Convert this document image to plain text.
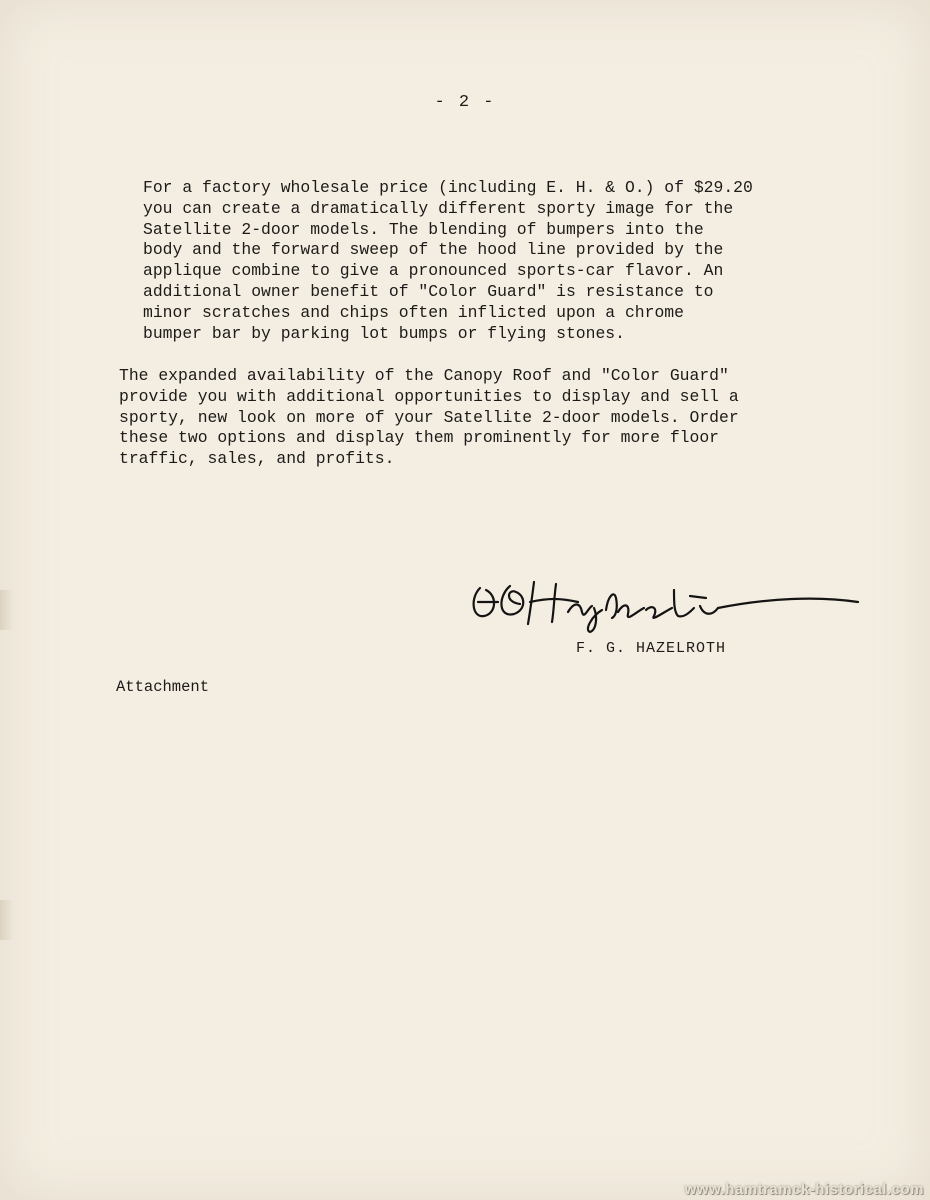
- 2 -

For a factory wholesale price (including E. H. & O.) of $29.20
you can create a dramatically different sporty image for the
Satellite 2-door models. The blending of bumpers into the
body and the forward sweep of the hood line provided by the
applique combine to give a pronounced sports-car flavor. An
additional owner benefit of "Color Guard" is resistance to
minor scratches and chips often inflicted upon a chrome
bumper bar by parking lot bumps or flying stones.

The expanded availability of the Canopy Roof and "Color Guard"
provide you with additional opportunities to display and sell a
sporty, new look on more of your Satellite 2-door models. Order
these two options and display them prominently for more floor
traffic, sales, and profits.

F. G. HAZELROTH
Attachment
www.hamtramck-historical.com
